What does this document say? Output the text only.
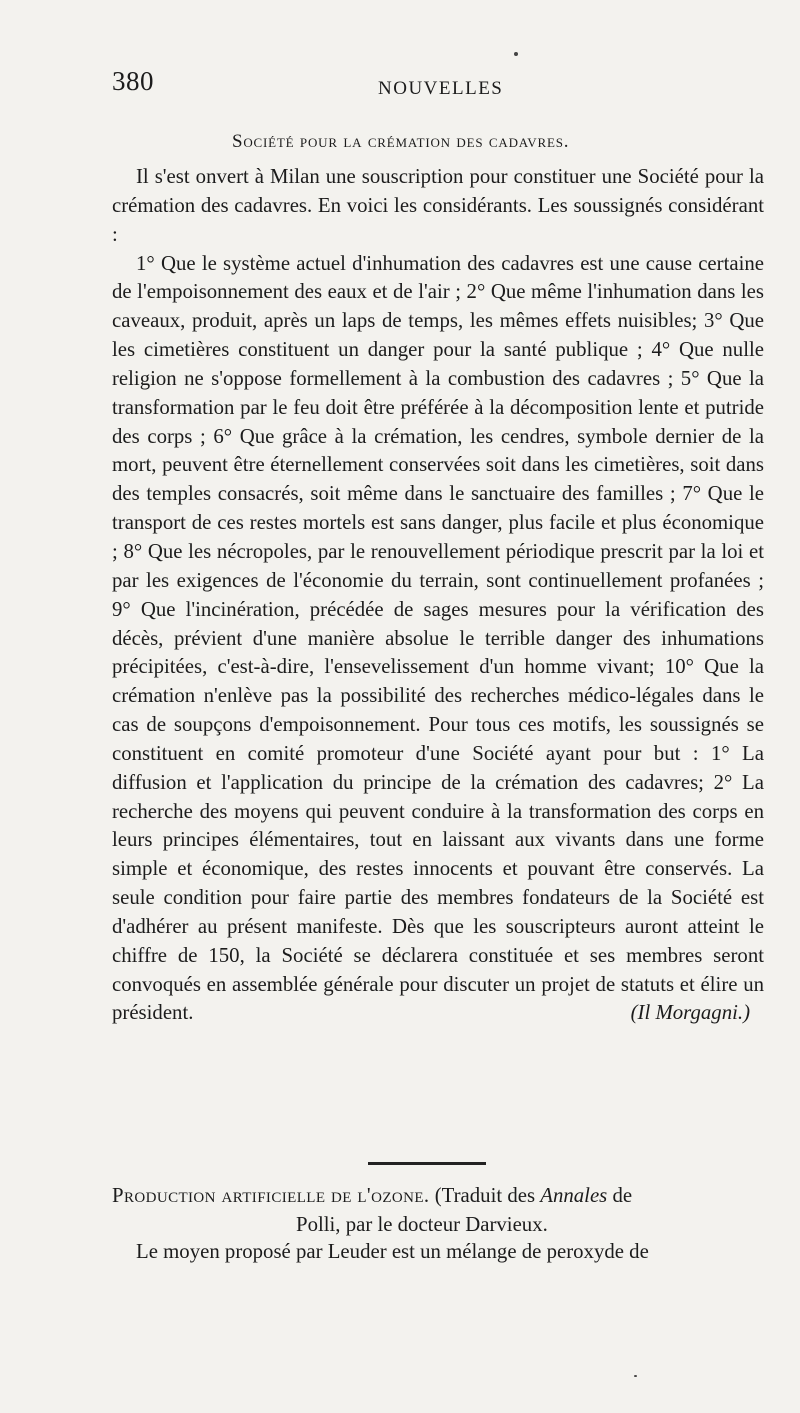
380	NOUVELLES
Société pour la crémation des cadavres.

Il s'est onvert à Milan une souscription pour constituer une Société pour la crémation des cadavres. En voici les considérants. Les soussignés considérant :

1° Que le système actuel d'inhumation des cadavres est une cause certaine de l'empoisonnement des eaux et de l'air ; 2° Que même l'inhumation dans les caveaux, produit, après un laps de temps, les mêmes effets nuisibles; 3° Que les cimetières constituent un danger pour la santé publique ; 4° Que nulle religion ne s'oppose formellement à la combustion des cadavres ; 5° Que la transformation par le feu doit être préférée à la décomposition lente et putride des corps ; 6° Que grâce à la crémation, les cendres, symbole dernier de la mort, peuvent être éternellement conservées soit dans les cimetières, soit dans des temples consacrés, soit même dans le sanctuaire des familles ; 7° Que le transport de ces restes mortels est sans danger, plus facile et plus économique ; 8° Que les nécropoles, par le renouvellement périodique prescrit par la loi et par les exigences de l'économie du terrain, sont continuellement profanées ; 9° Que l'incinération, précédée de sages mesures pour la vérification des décès, prévient d'une manière absolue le terrible danger des inhumations précipitées, c'est-à-dire, l'ensevelissement d'un homme vivant; 10° Que la crémation n'enlève pas la possibilité des recherches médico-légales dans le cas de soupçons d'empoisonnement. Pour tous ces motifs, les soussignés se constituent en comité promoteur d'une Société ayant pour but : 1° La diffusion et l'application du principe de la crémation des cadavres; 2° La recherche des moyens qui peuvent conduire à la transformation des corps en leurs principes élémentaires, tout en laissant aux vivants dans une forme simple et économique, des restes innocents et pouvant être conservés. La seule condition pour faire partie des membres fondateurs de la Société est d'adhérer au présent manifeste. Dès que les souscripteurs auront atteint le chiffre de 150, la Société se déclarera constituée et ses membres seront convoqués en assemblée générale pour discuter un projet de statuts et élire un président.	(Il Morgagni.)

Production artificielle de l'ozone. (Traduit des Annales de
Polli, par le docteur Darvieux.

Le moyen proposé par Leuder est un mélange de peroxyde de
